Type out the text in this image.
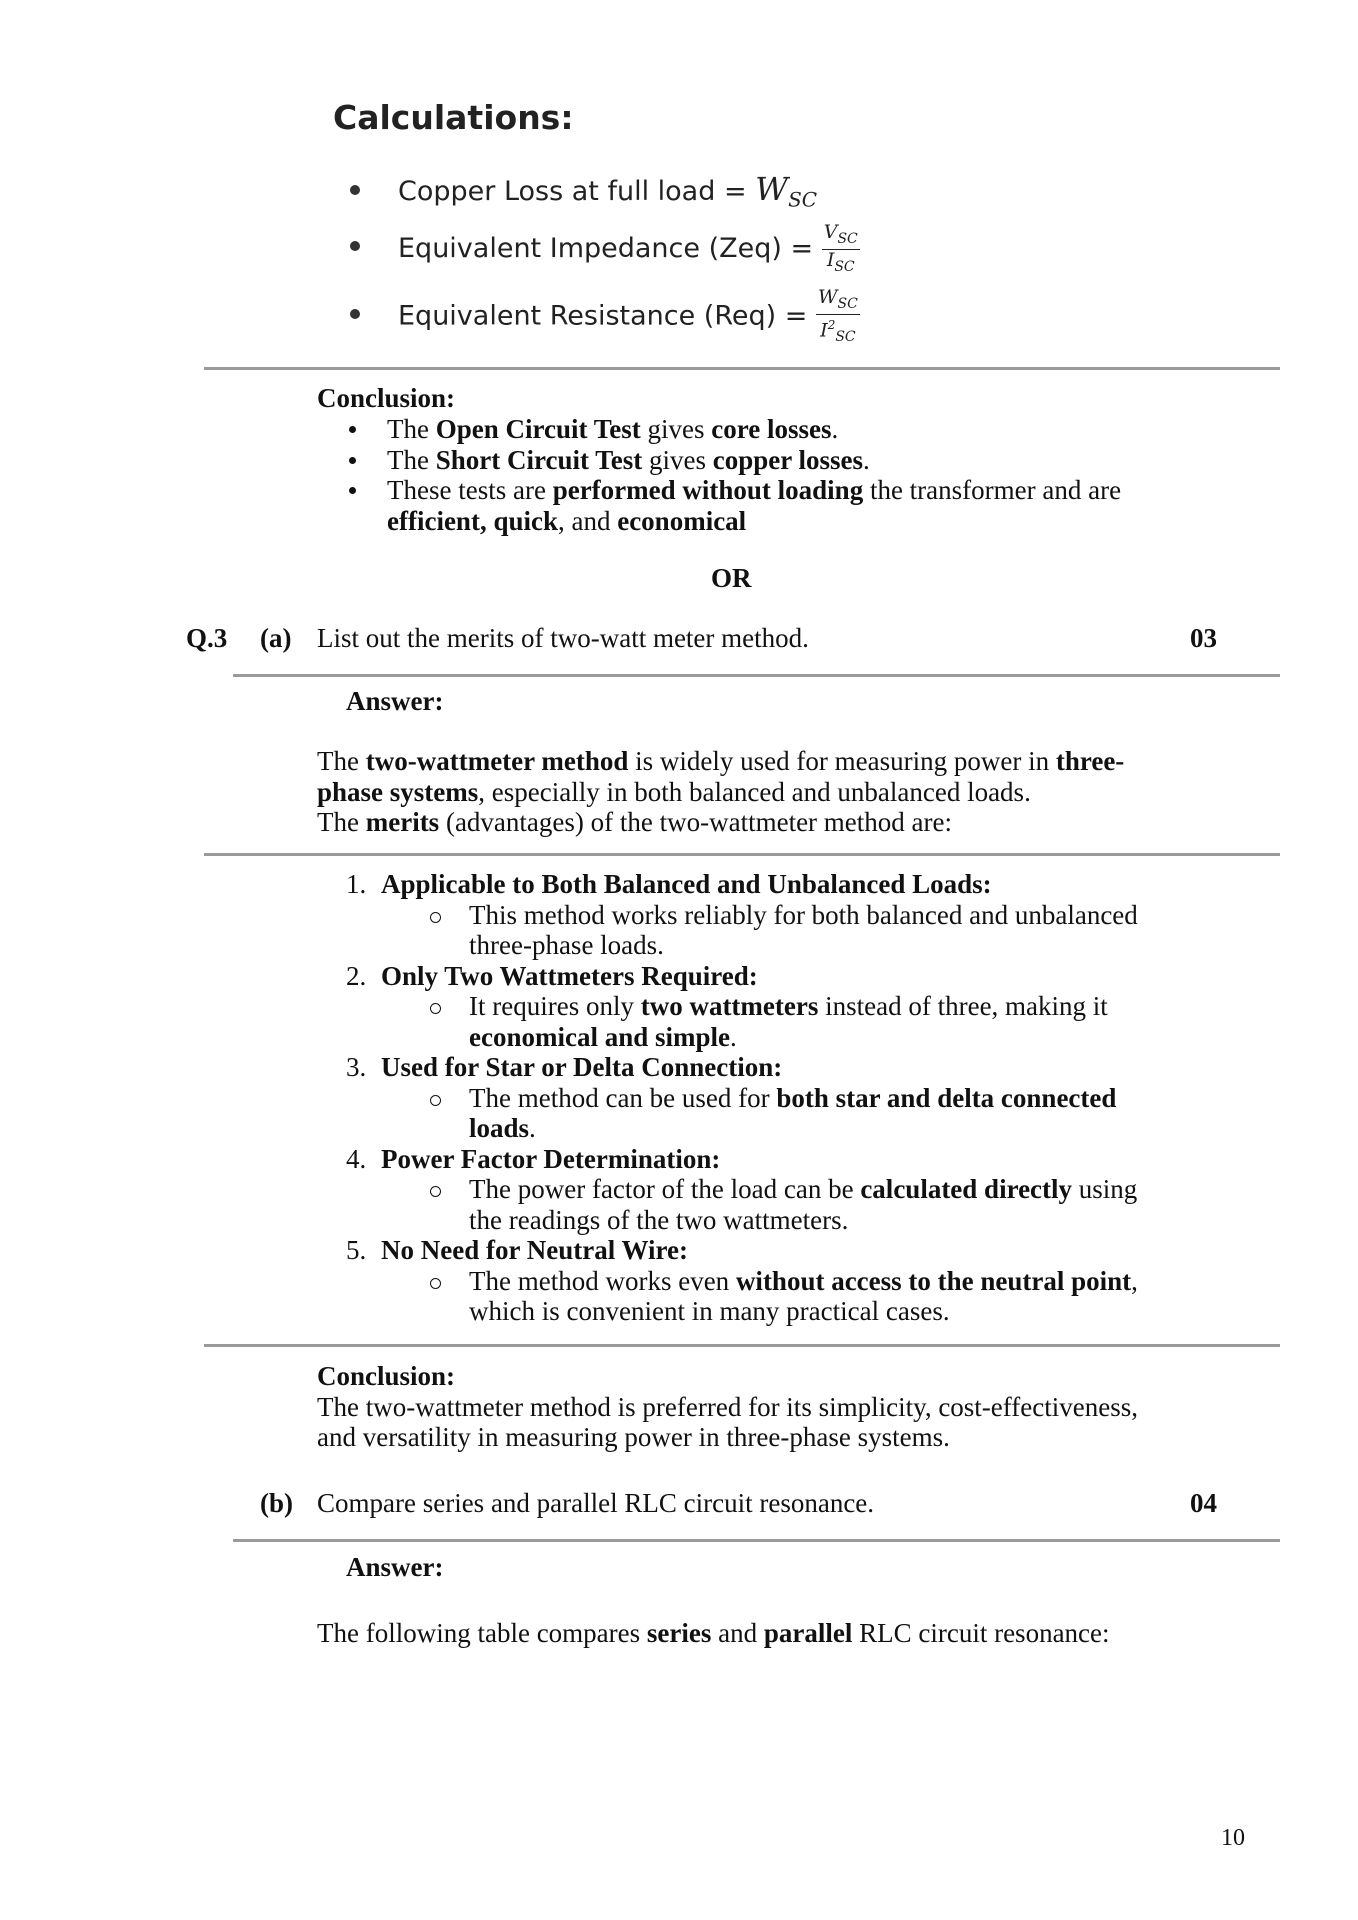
Calculations:
Copper Loss at full load = $W_{SC}$
Equivalent Impedance $(Zeq) = \frac{V_{SC}}{I_{SC}}$
Equivalent Resistance $(Req) = \frac{W_{SC}}{I^2_{SC}}$
Conclusion:
The Open Circuit Test gives core losses.
The Short Circuit Test gives copper losses.
These tests are performed without loading the transformer and are
efficient, quick, and economical
OR
Q.3 (a) List out the merits of two-watt meter method.	03
Answer:
The two-wattmeter method is widely used for measuring power in three-
phase systems, especially in both balanced and unbalanced loads.
The merits (advantages) of the two-wattmeter method are:
1. Applicable to Both Balanced and Unbalanced Loads:
This method works reliably for both balanced and unbalanced
three-phase loads.
2. Only Two Wattmeters Required:
It requires only two wattmeters instead of three, making it
economical and simple.
3. Used for Star or Delta Connection:
The method can be used for both star and delta connected
loads.
4. Power Factor Determination:
The power factor of the load can be calculated directly using
the readings of the two wattmeters.
5. No Need for Neutral Wire:
The method works even without access to the neutral point,
which is convenient in many practical cases.
Conclusion:
The two-wattmeter method is preferred for its simplicity, cost-effectiveness,
and versatility in measuring power in three-phase systems.
(b) Compare series and parallel RLC circuit resonance.	04
Answer:
The following table compares series and parallel RLC circuit resonance:
10
